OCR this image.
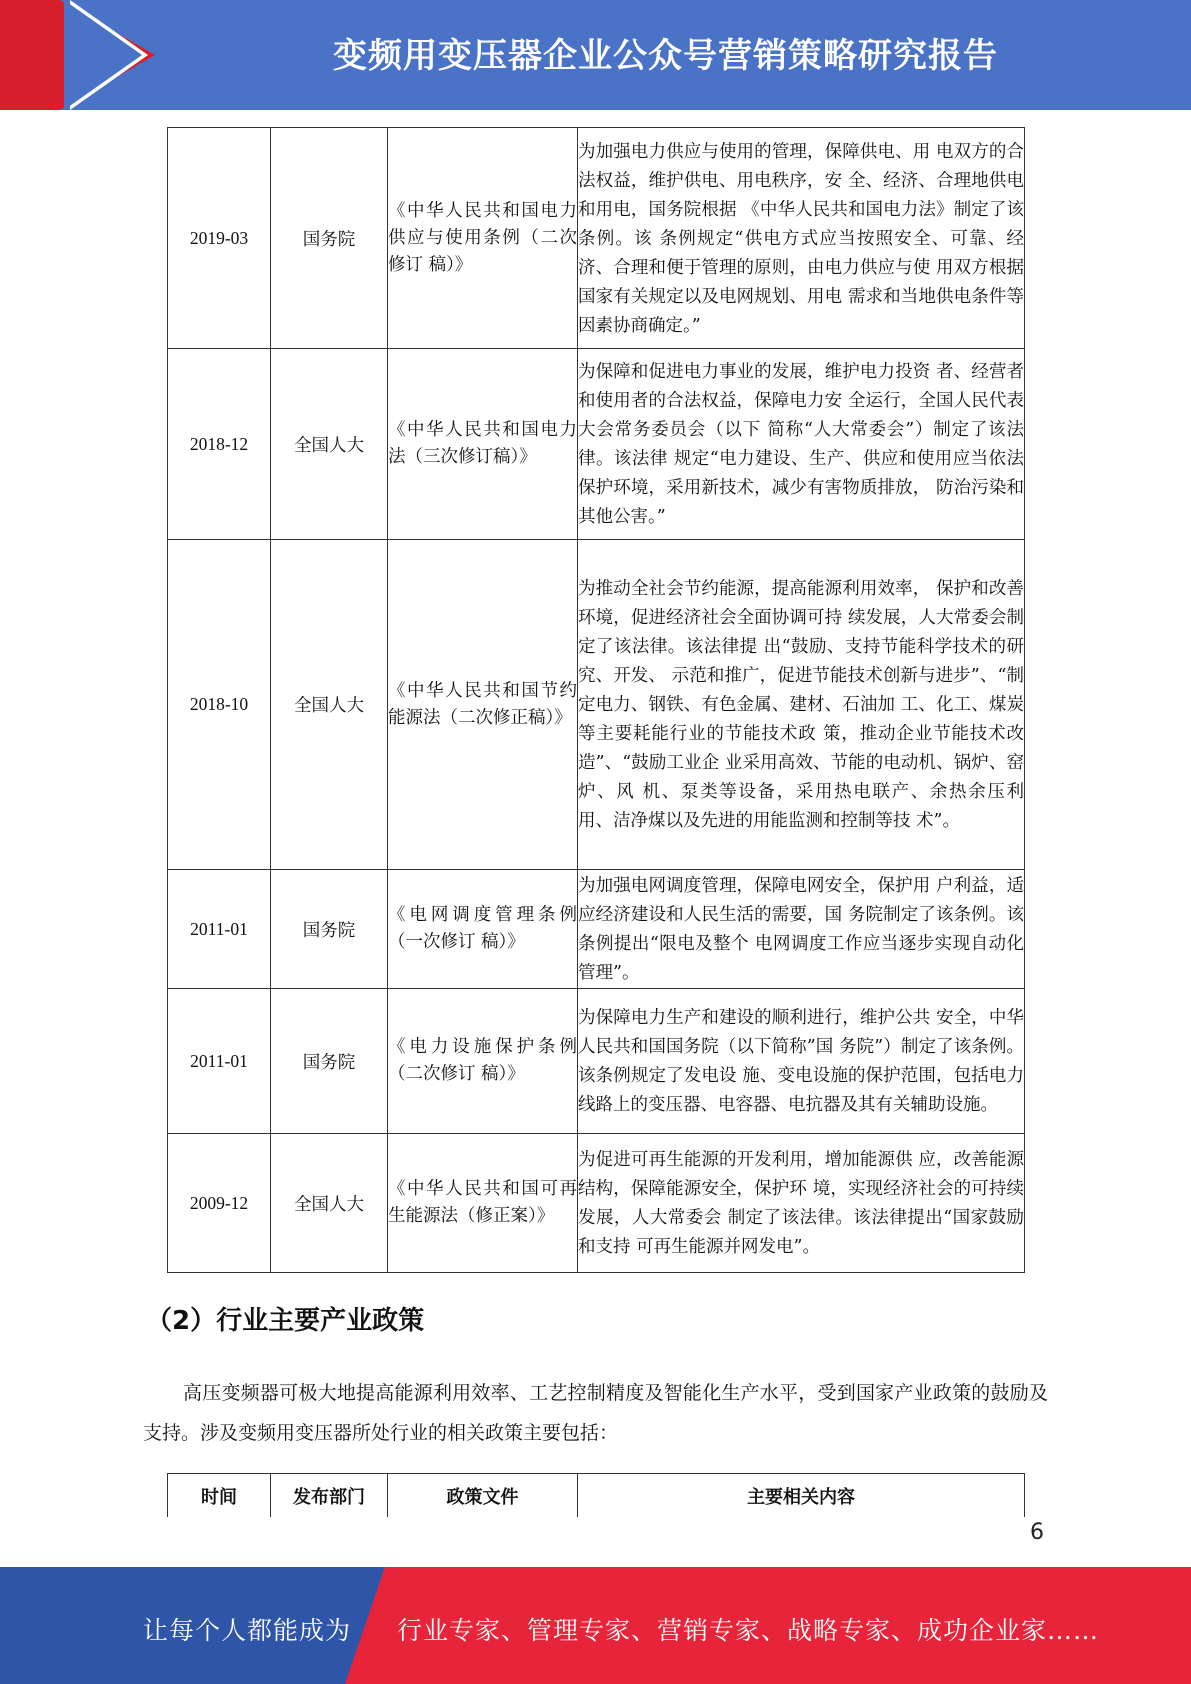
变频用变压器企业公众号营销策略研究报告
2019-03	国务院	《中华人民共和国电力供应与使用条例（二次修订 稿）》	为加强电力供应与使用的管理，保障供电、用 电双方的合法权益，维护供电、用电秩序，安 全、经济、合理地供电和用电，国务院根据 《中华人民共和国电力法》制定了该条例。该 条例规定“供电方式应当按照安全、可靠、经 济、合理和便于管理的原则，由电力供应与使 用双方根据国家有关规定以及电网规划、用电 需求和当地供电条件等因素协商确定。”

2018-12	全国人大	《中华人民共和国电力法（三次修订稿）》	为保障和促进电力事业的发展，维护电力投资 者、经营者和使用者的合法权益，保障电力安 全运行，全国人民代表大会常务委员会（以下 简称“人大常委会”）制定了该法律。该法律 规定“电力建设、生产、供应和使用应当依法 保护环境，采用新技术，减少有害物质排放， 防治污染和其他公害。”

2018-10	全国人大	《中华人民共和国节约能源法（二次修正稿）》	为推动全社会节约能源，提高能源利用效率， 保护和改善环境，促进经济社会全面协调可持 续发展，人大常委会制定了该法律。该法律提 出“鼓励、支持节能科学技术的研究、开发、 示范和推广，促进节能技术创新与进步”、“制定电力、钢铁、有色金属、建材、石油加 工、化工、煤炭等主要耗能行业的节能技术政 策，推动企业节能技术改造”、“鼓励工业企 业采用高效、节能的电动机、锅炉、窑炉、风 机、泵类等设备，采用热电联产、余热余压利 用、洁净煤以及先进的用能监测和控制等技 术”。

2011-01	国务院	《电网调度管理条例（一次修订 稿）》	为加强电网调度管理，保障电网安全，保护用 户利益，适应经济建设和人民生活的需要，国 务院制定了该条例。该条例提出“限电及整个 电网调度工作应当逐步实现自动化管理”。

2011-01	国务院	《电力设施保护条例（二次修订 稿）》	为保障电力生产和建设的顺利进行，维护公共 安全，中华人民共和国国务院（以下简称”国 务院”）制定了该条例。该条例规定了发电设 施、变电设施的保护范围，包括电力线路上的变压器、电容器、电抗器及其有关辅助设施。

2009-12	全国人大	《中华人民共和国可再生能源法（修正案）》	为促进可再生能源的开发利用，增加能源供 应，改善能源结构，保障能源安全，保护环 境，实现经济社会的可持续发展，人大常委会 制定了该法律。该法律提出“国家鼓励和支持 可再生能源并网发电”。
（2）行业主要产业政策
高压变频器可极大地提高能源利用效率、工艺控制精度及智能化生产水平，受到国家产业政策的鼓励及支持。涉及变频用变压器所处行业的相关政策主要包括：
时间	发布部门	政策文件	主要相关内容
6
让每个人都能成为 行业专家、管理专家、营销专家、战略专家、成功企业家……
